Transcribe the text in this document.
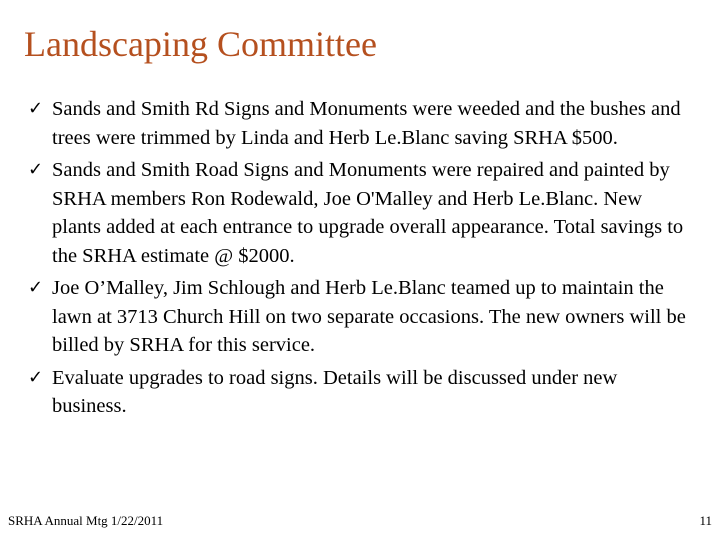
Landscaping Committee
✓ Sands and Smith Rd Signs and Monuments were weeded and the bushes and trees were trimmed by Linda and Herb Le.Blanc saving SRHA $500.
✓ Sands and Smith Road Signs and Monuments were repaired and painted by SRHA members Ron Rodewald, Joe O'Malley and Herb Le.Blanc. New plants added at each entrance to upgrade overall appearance. Total savings to the SRHA estimate @ $2000.
✓ Joe O’Malley, Jim Schlough and Herb Le.Blanc teamed up to maintain the lawn at 3713 Church Hill on two separate occasions. The new owners will be billed by SRHA for this service.
✓ Evaluate upgrades to road signs. Details will be discussed under new business.
SRHA Annual Mtg 1/22/2011	11
